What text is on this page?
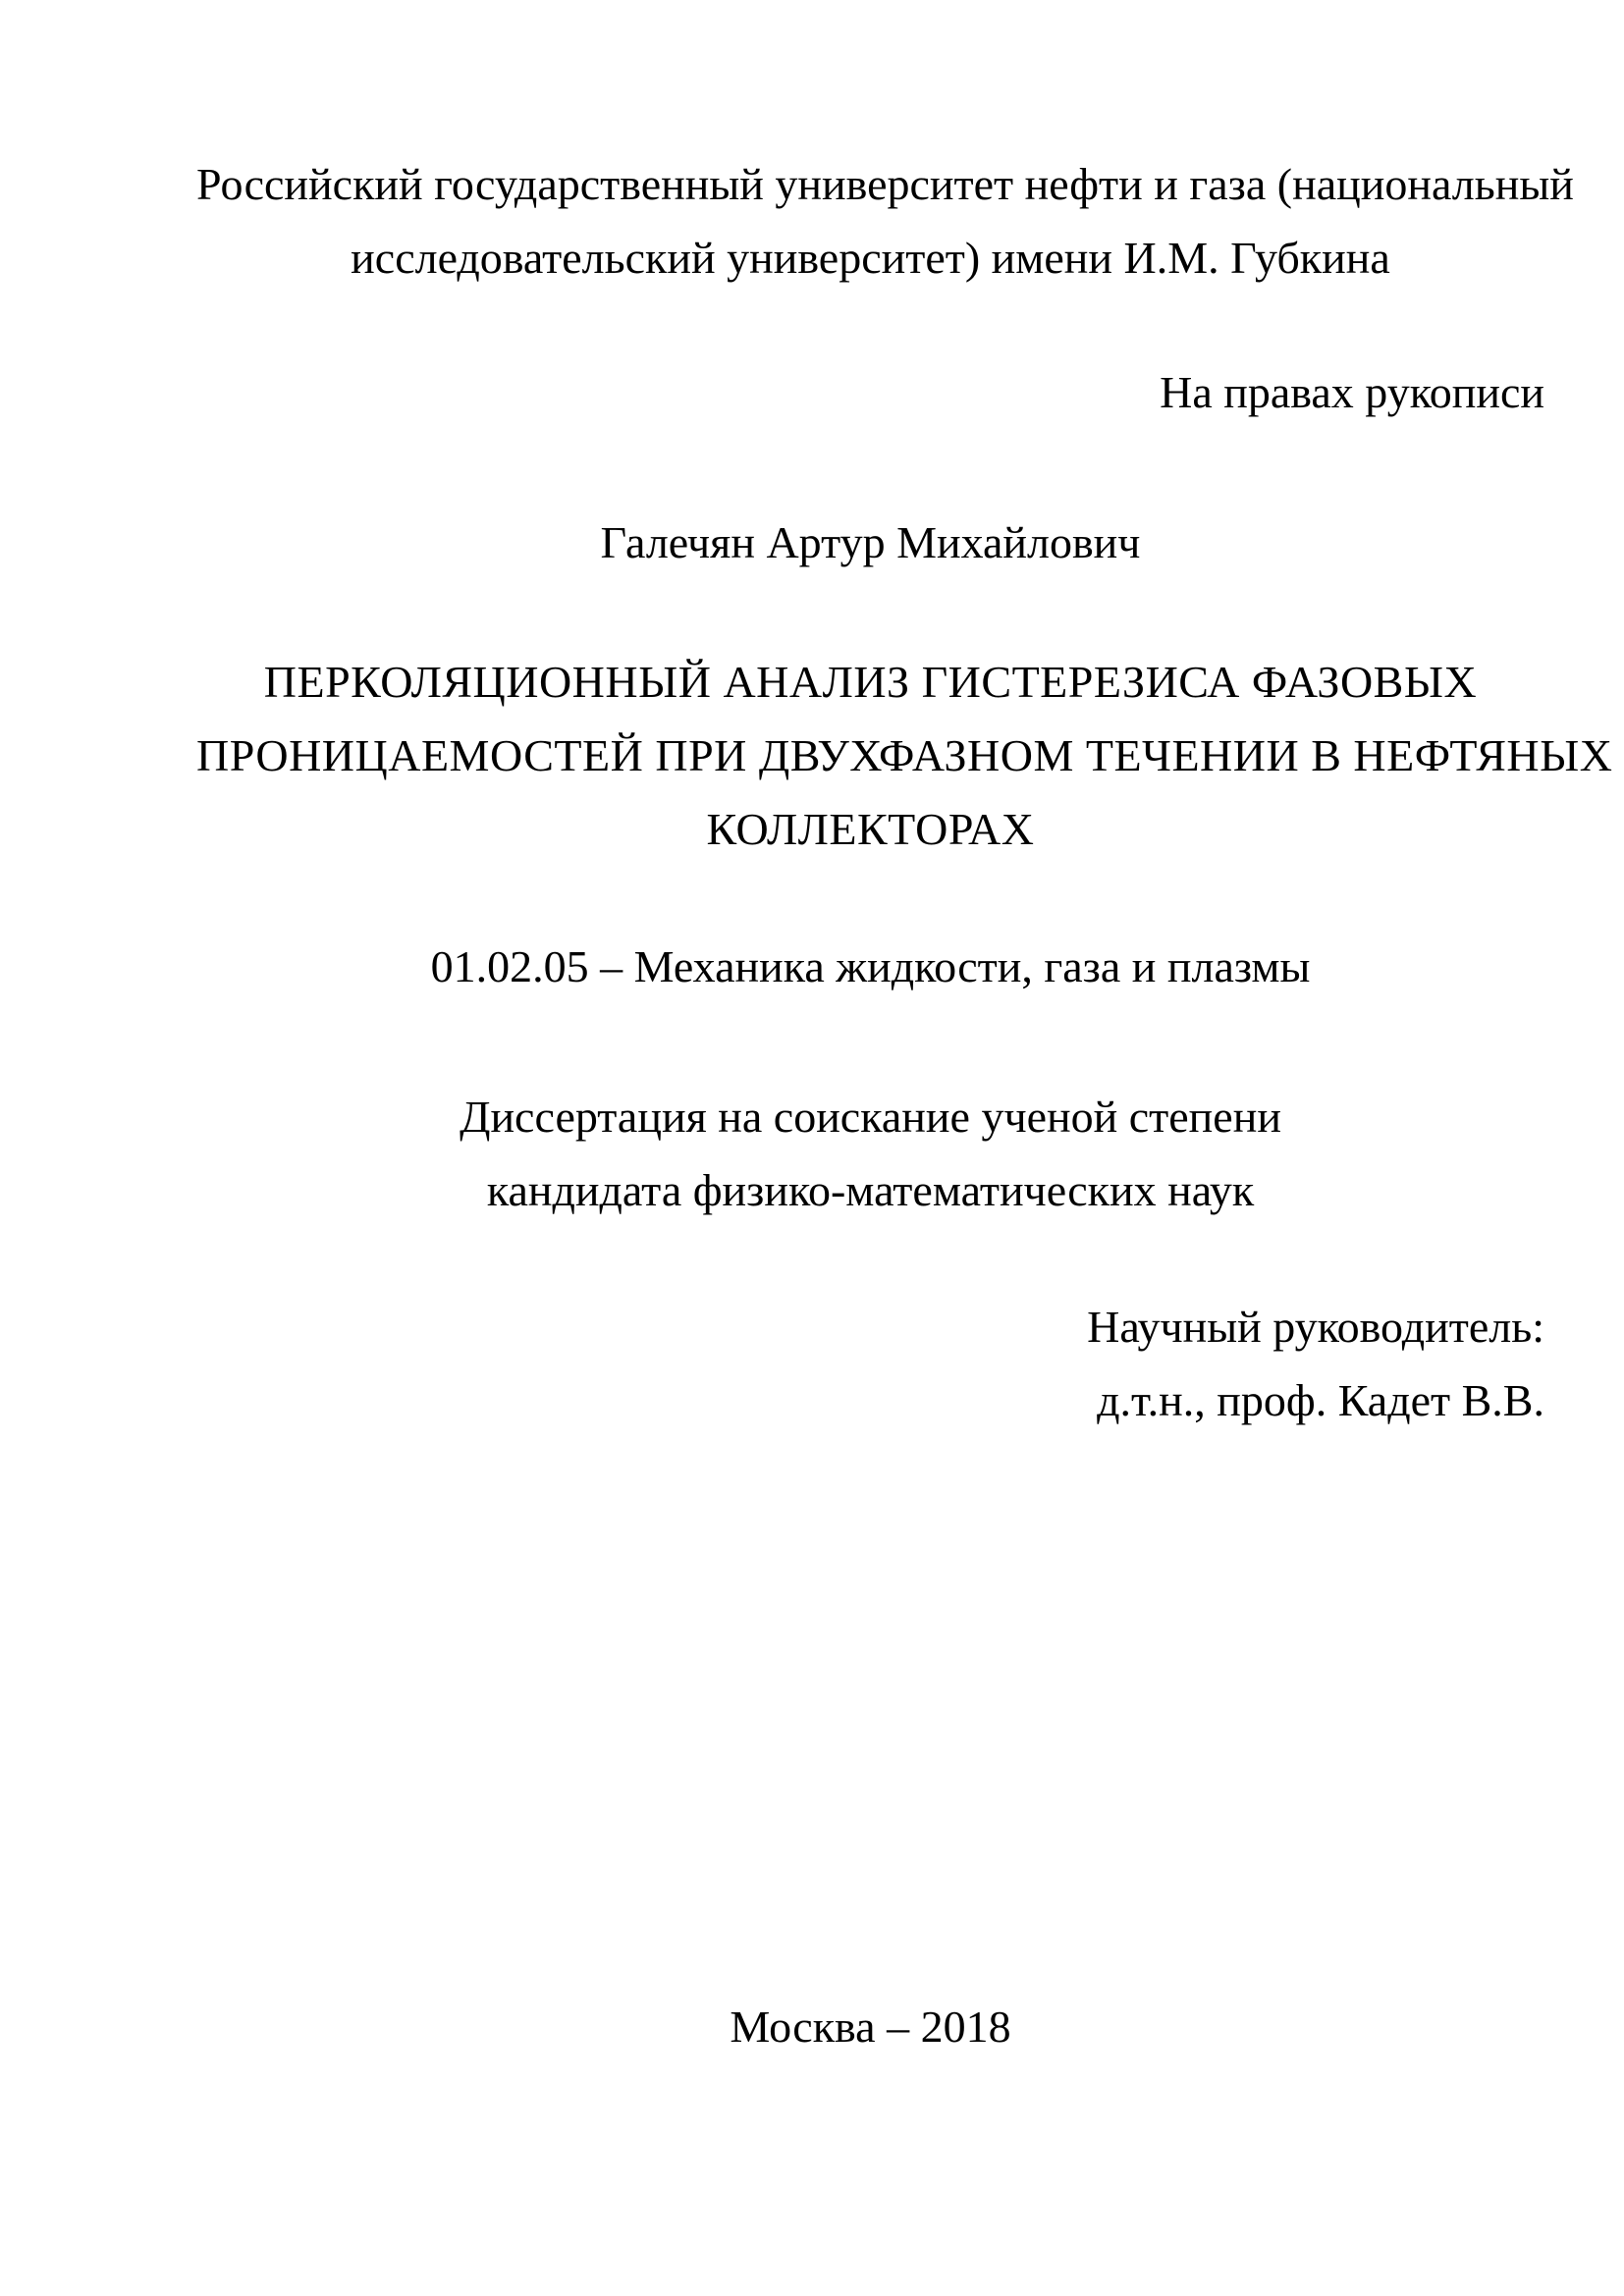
Российский государственный университет нефти и газа (национальный
исследовательский университет) имени И.М. Губкина
На правах рукописи
Галечян Артур Михайлович
ПЕРКОЛЯЦИОННЫЙ АНАЛИЗ ГИСТЕРЕЗИСА ФАЗОВЫХ
ПРОНИЦАЕМОСТЕЙ ПРИ ДВУХФАЗНОМ ТЕЧЕНИИ В НЕФТЯНЫХ
КОЛЛЕКТОРАХ
01.02.05 – Механика жидкости, газа и плазмы
Диссертация на соискание ученой степени
кандидата физико-математических наук
Научный руководитель:
д.т.н., проф. Кадет В.В.
Москва – 2018
